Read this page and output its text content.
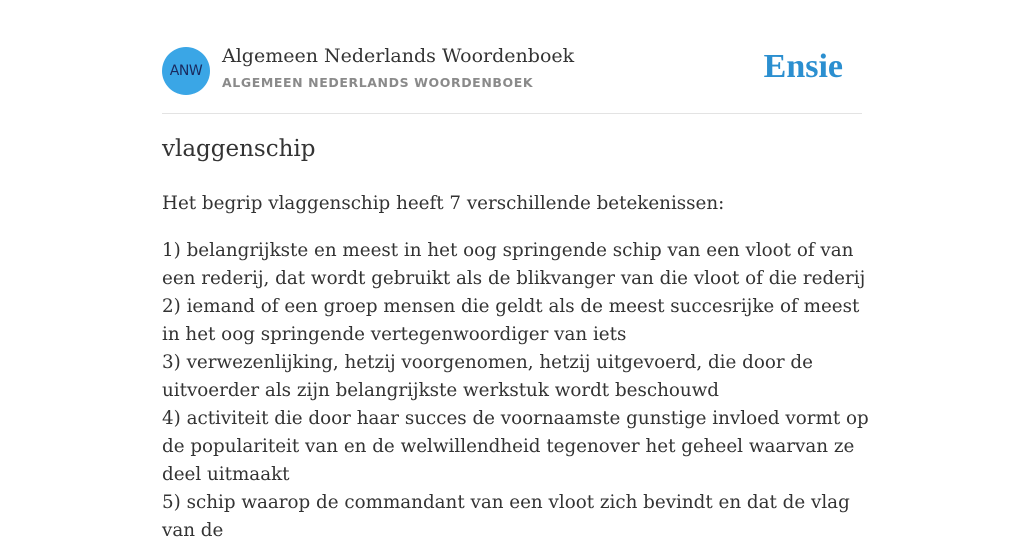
ANW
Algemeen Nederlands Woordenboek
ALGEMEEN NEDERLANDS WOORDENBOEK	Ensie
vlaggenschip

Het begrip vlaggenschip heeft 7 verschillende betekenissen:

1) belangrijkste en meest in het oog springende schip van een vloot of van een rederij, dat wordt gebruikt als de blikvanger van die vloot of die rederij
2) iemand of een groep mensen die geldt als de meest succesrijke of meest in het oog springende vertegenwoordiger van iets
3) verwezenlijking, hetzij voorgenomen, hetzij uitgevoerd, die door de uitvoerder als zijn belangrijkste werkstuk wordt beschouwd
4) activiteit die door haar succes de voornaamste gunstige invloed vormt op de populariteit van en de welwillendheid tegenover het geheel waarvan ze deel uitmaakt
5) schip waarop de commandant van een vloot zich bevindt en dat de vlag van de
